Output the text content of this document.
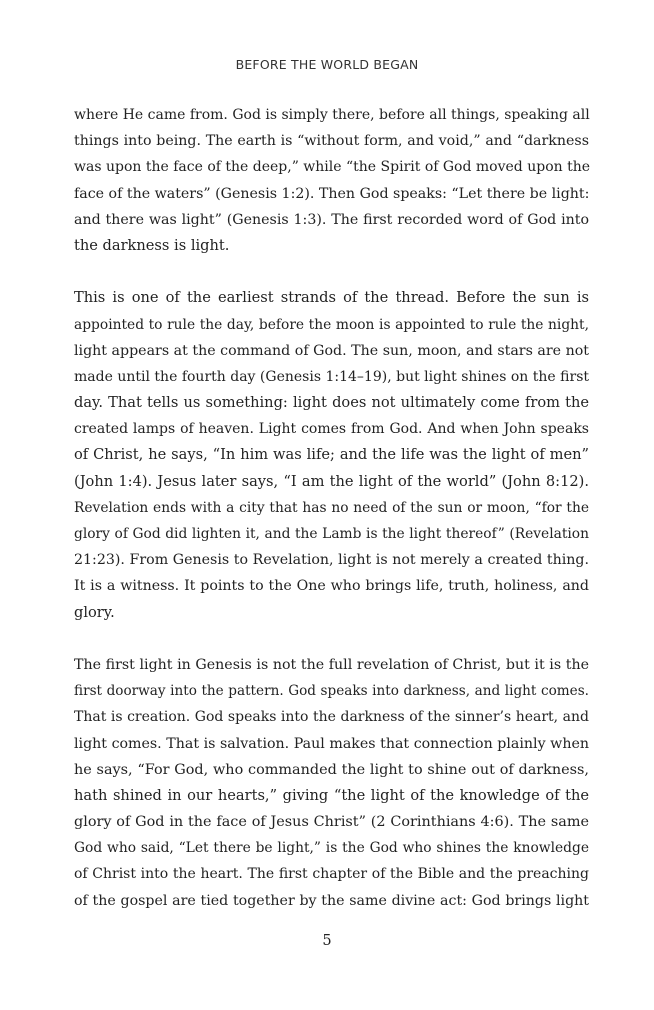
BEFORE THE WORLD BEGAN

where He came from. God is simply there, before all things, speaking all
things into being. The earth is “without form, and void,” and “darkness
was upon the face of the deep,” while “the Spirit of God moved upon the
face of the waters” (Genesis 1:2). Then God speaks: “Let there be light:
and there was light” (Genesis 1:3). The first recorded word of God into
the darkness is light.

This is one of the earliest strands of the thread. Before the sun is
appointed to rule the day, before the moon is appointed to rule the night,
light appears at the command of God. The sun, moon, and stars are not
made until the fourth day (Genesis 1:14–19), but light shines on the first
day. That tells us something: light does not ultimately come from the
created lamps of heaven. Light comes from God. And when John speaks
of Christ, he says, “In him was life; and the life was the light of men”
(John 1:4). Jesus later says, “I am the light of the world” (John 8:12).
Revelation ends with a city that has no need of the sun or moon, “for the
glory of God did lighten it, and the Lamb is the light thereof” (Revelation
21:23). From Genesis to Revelation, light is not merely a created thing.
It is a witness. It points to the One who brings life, truth, holiness, and
glory.

The first light in Genesis is not the full revelation of Christ, but it is the
first doorway into the pattern. God speaks into darkness, and light comes.
That is creation. God speaks into the darkness of the sinner’s heart, and
light comes. That is salvation. Paul makes that connection plainly when
he says, “For God, who commanded the light to shine out of darkness,
hath shined in our hearts,” giving “the light of the knowledge of the
glory of God in the face of Jesus Christ” (2 Corinthians 4:6). The same
God who said, “Let there be light,” is the God who shines the knowledge
of Christ into the heart. The first chapter of the Bible and the preaching
of the gospel are tied together by the same divine act: God brings light

5
